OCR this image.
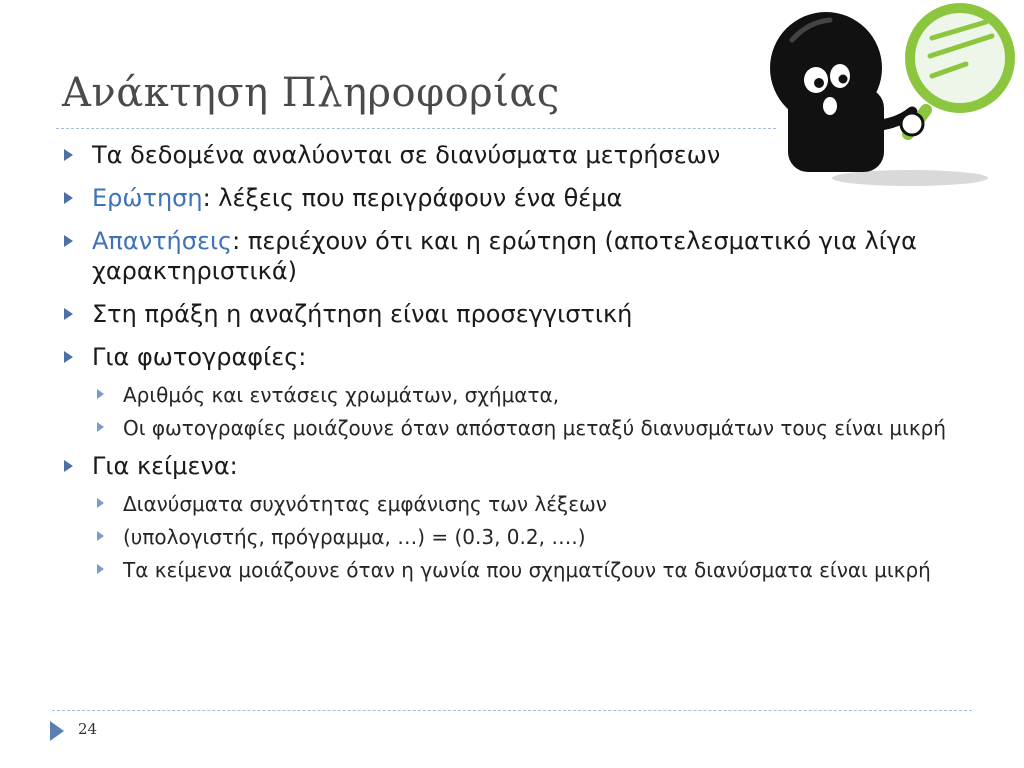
Ανάκτηση Πληροφορίας
Τα δεδομένα αναλύονται σε διανύσματα μετρήσεων
Ερώτηση: λέξεις που περιγράφουν ένα θέμα
Απαντήσεις: περιέχουν ότι και η ερώτηση (αποτελεσματικό για λίγα χαρακτηριστικά)
Στη πράξη η αναζήτηση είναι προσεγγιστική
Για φωτογραφίες:
Αριθμός και εντάσεις χρωμάτων, σχήματα,
Οι φωτογραφίες μοιάζουνε όταν απόσταση μεταξύ διανυσμάτων τους είναι μικρή
Για κείμενα:
Διανύσματα συχνότητας εμφάνισης των λέξεων
(υπολογιστής, πρόγραμμα, …) = (0.3, 0.2, ….)
Τα κείμενα μοιάζουνε όταν η γωνία που σχηματίζουν τα διανύσματα είναι μικρή
24
